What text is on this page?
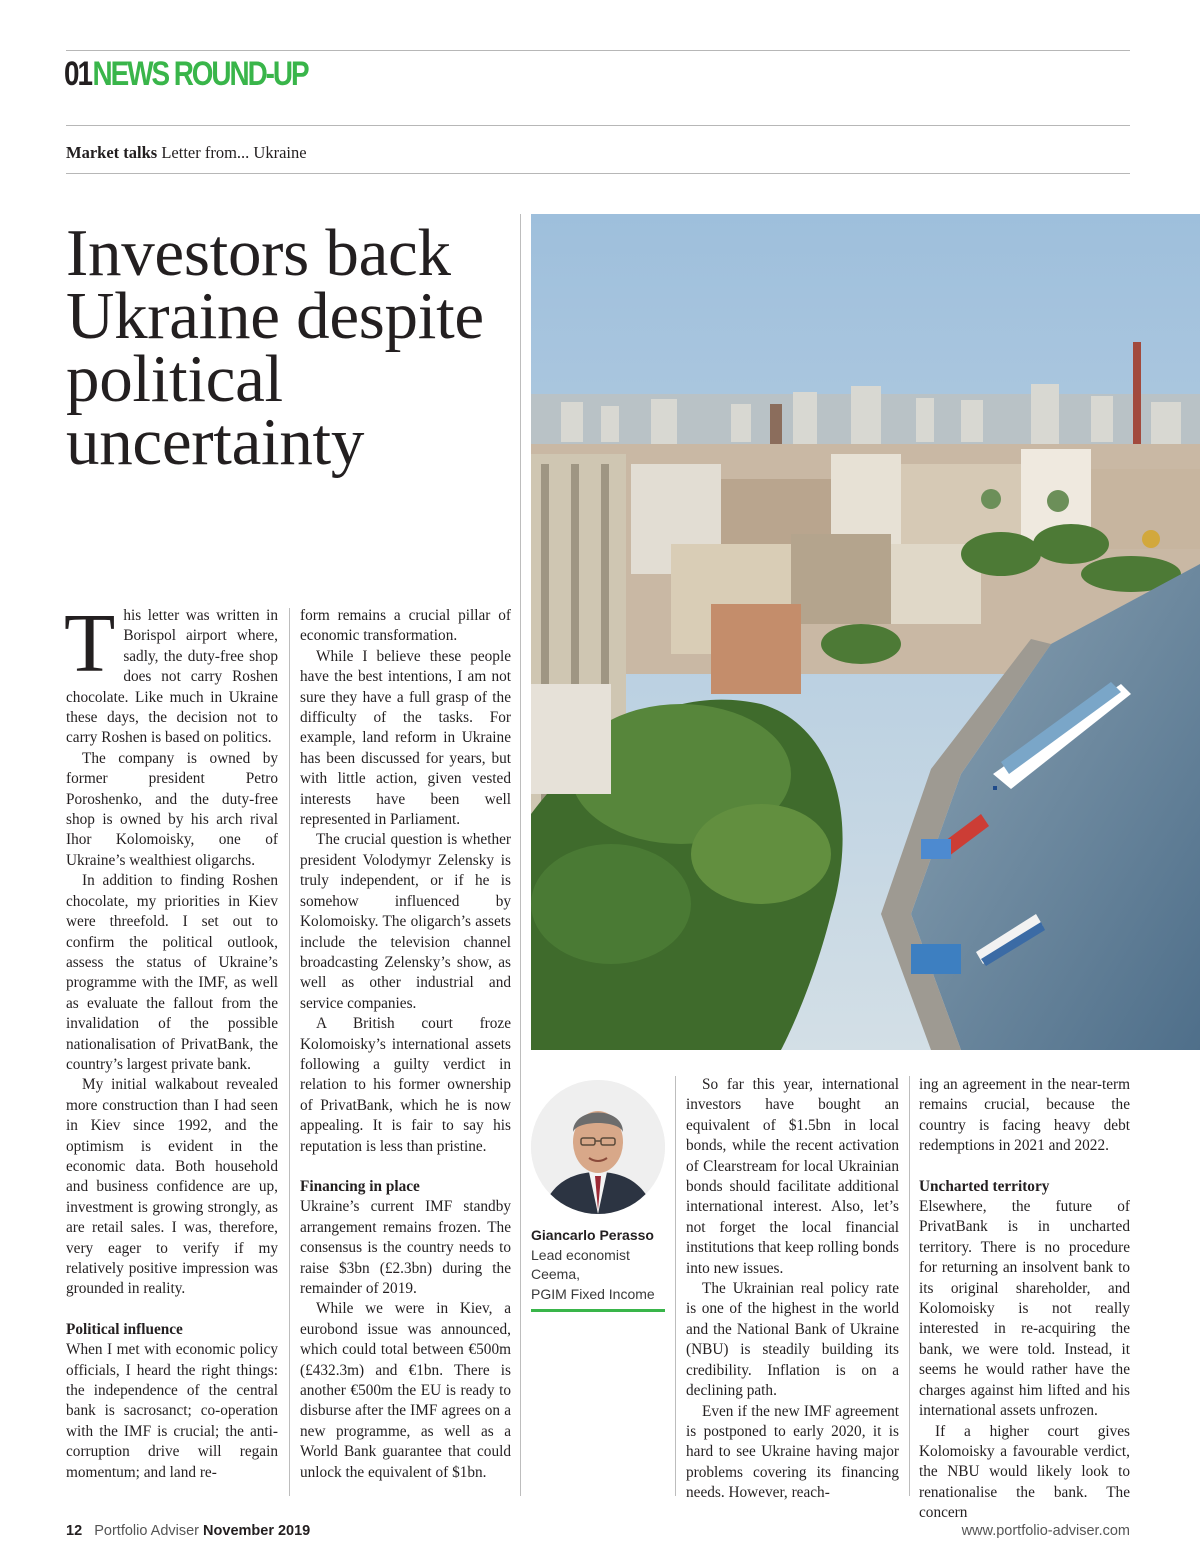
01NEWS ROUND-UP
Market talks Letter from... Ukraine
Investors back Ukraine despite political uncertainty

This letter was written in Borispol airport where, sadly, the duty-free shop does not carry Roshen chocolate. Like much in Ukraine these days, the decision not to carry Roshen is based on politics.

The company is owned by former president Petro Poroshenko, and the duty-free shop is owned by his arch rival Ihor Kolomoisky, one of Ukraine’s wealthiest oligarchs.

In addition to finding Roshen chocolate, my priorities in Kiev were threefold. I set out to confirm the political outlook, assess the status of Ukraine’s programme with the IMF, as well as evaluate the fallout from the invalidation of the possible nationalisation of PrivatBank, the country’s largest private bank.

My initial walkabout revealed more construction than I had seen in Kiev since 1992, and the optimism is evident in the economic data. Both household and business confidence are up, investment is growing strongly, as are retail sales. I was, therefore, very eager to verify if my relatively positive impression was grounded in reality.

Political influence

When I met with economic policy officials, I heard the right things: the independence of the central bank is sacrosanct; co-operation with the IMF is crucial; the anti-corruption drive will regain momentum; and land re-

form remains a crucial pillar of economic transformation.

While I believe these people have the best intentions, I am not sure they have a full grasp of the difficulty of the tasks. For example, land reform in Ukraine has been discussed for years, but with little action, given vested interests have been well represented in Parliament.

The crucial question is whether president Volodymyr Zelensky is truly independent, or if he is somehow influenced by Kolomoisky. The oligarch’s assets include the television channel broadcasting Zelensky’s show, as well as other industrial and service companies.

A British court froze Kolomoisky’s international assets following a guilty verdict in relation to his former ownership of PrivatBank, which he is now appealing. It is fair to say his reputation is less than pristine.

Financing in place

Ukraine’s current IMF standby arrangement remains frozen. The consensus is the country needs to raise $3bn (£2.3bn) during the remainder of 2019.

While we were in Kiev, a eurobond issue was announced, which could total between €500m (£432.3m) and €1bn. There is another €500m the EU is ready to disburse after the IMF agrees on a new programme, as well as a World Bank guarantee that could unlock the equivalent of $1bn.

Giancarlo Perasso
Lead economist
Ceema,
PGIM Fixed Income

So far this year, international investors have bought an equivalent of $1.5bn in local bonds, while the recent activation of Clearstream for local Ukrainian bonds should facilitate additional international interest. Also, let’s not forget the local financial institutions that keep rolling bonds into new issues.

The Ukrainian real policy rate is one of the highest in the world and the National Bank of Ukraine (NBU) is steadily building its credibility. Inflation is on a declining path.

Even if the new IMF agreement is postponed to early 2020, it is hard to see Ukraine having major problems covering its financing needs. However, reach-

ing an agreement in the near-term remains crucial, because the country is facing heavy debt redemptions in 2021 and 2022.

Uncharted territory

Elsewhere, the future of PrivatBank is in uncharted territory. There is no procedure for returning an insolvent bank to its original shareholder, and Kolomoisky is not really interested in re-acquiring the bank, we were told. Instead, it seems he would rather have the charges against him lifted and his international assets unfrozen.

If a higher court gives Kolomoisky a favourable verdict, the NBU would likely look to renationalise the bank. The concern

12 Portfolio Adviser November 2019	www.portfolio-adviser.com
